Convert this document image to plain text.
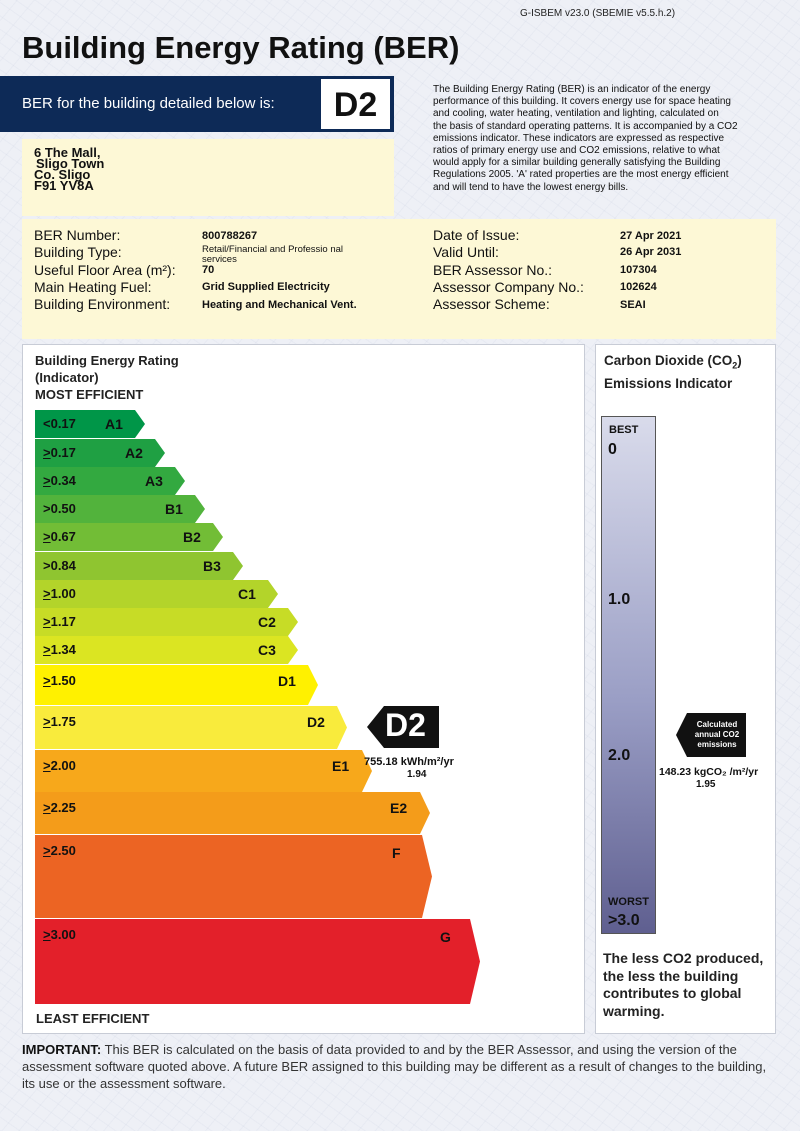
G-ISBEM v23.0 (SBEMIE v5.5.h.2)
Building Energy Rating (BER)
BER for the building detailed below is:	D2
6 The Mall,
Sligo Town
Co. Sligo
F91 YV8A
The Building Energy Rating (BER) is an indicator of the energy
performance of this building. It covers energy use for space heating
and cooling, water heating, ventilation and lighting, calculated on
the basis of standard operating patterns. It is accompanied by a CO2
emissions indicator. These indicators are expressed as respective
ratios of primary energy use and CO2 emissions, relative to what
would apply for a similar building generally satisfying the Building
Regulations 2005. 'A' rated properties are the most energy efficient
and will tend to have the lowest energy bills.
BER Number:	800788267
Building Type:	Retail/Financial and Professio nal services
Useful Floor Area (m²): 70
Main Heating Fuel:	Grid Supplied Electricity
Building Environment:	Heating and Mechanical Vent.
Date of Issue:	27 Apr 2021
Valid Until:	26 Apr 2031
BER Assessor No.:	107304
Assessor Company No.:	102624
Assessor Scheme:	SEAI
Building Energy Rating
(Indicator)
MOST EFFICIENT
<0.17 A1
>0.17	A2
>0.34	A3
>0.50	B1
>0.67	B2
>0.84	B3
>1.00	C1
>1.17	C2
>1.34	C3
>1.50	D1
>1.75	D2
>2.00	E1
>2.25	E2
>2.50	F
>3.00	G
LEAST EFFICIENT
D2
755.18 kWh/m²/yr
1.94
Carbon Dioxide $(CO_2)$
Emissions Indicator
BEST
0
1.0
2.0
WORST
>3.0
Calculated
annual CO2
emissions
148.23 kgCO₂ /m²/yr
1.95
The less CO2 produced,
the less the building
contributes to global
warming.
IMPORTANT: This BER is calculated on the basis of data provided to and by the BER Assessor, and using the version of the assessment software quoted above. A future BER assigned to this building may be different as a result of changes to the building, its use or the assessment software.
